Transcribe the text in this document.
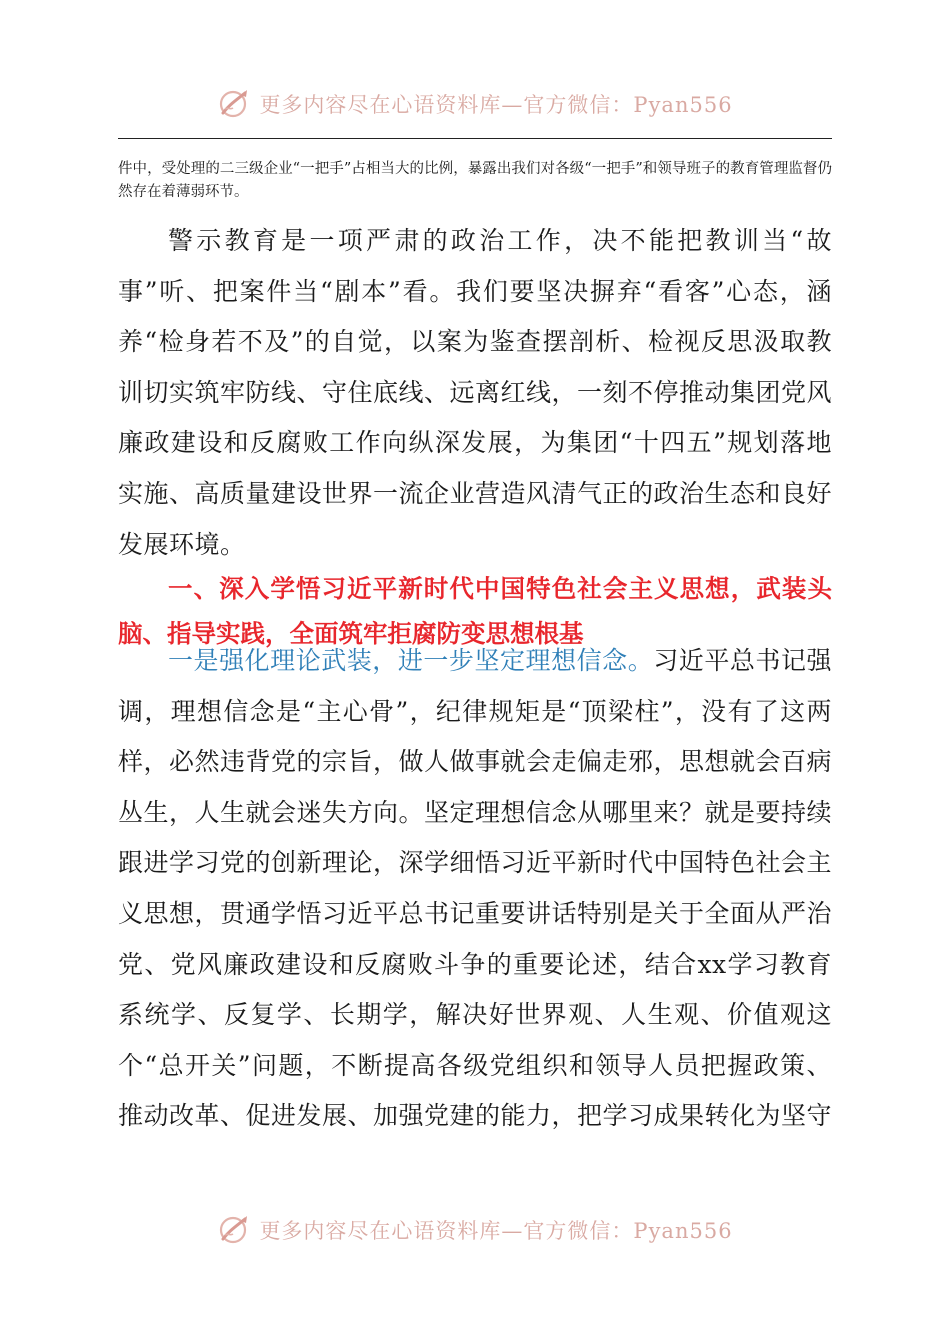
更多内容尽在心语资料库—官方微信：Pyan556
件中，受处理的二三级企业“一把手”占相当大的比例，暴露出我们对各级“一把手”和领导班子的教育管理监督仍然存在着薄弱环节。
警示教育是一项严肃的政治工作，决不能把教训当“故事”听、把案件当“剧本”看。我们要坚决摒弃“看客”心态，涵养“检身若不及”的自觉，以案为鉴查摆剖析、检视反思汲取教训切实筑牢防线、守住底线、远离红线，一刻不停推动集团党风廉政建设和反腐败工作向纵深发展，为集团“十四五”规划落地实施、高质量建设世界一流企业营造风清气正的政治生态和良好发展环境。
一、深入学悟习近平新时代中国特色社会主义思想，武装头脑、指导实践，全面筑牢拒腐防变思想根基
一是强化理论武装，进一步坚定理想信念。习近平总书记强调，理想信念是“主心骨”，纪律规矩是“顶梁柱”，没有了这两样，必然违背党的宗旨，做人做事就会走偏走邪，思想就会百病丛生，人生就会迷失方向。坚定理想信念从哪里来？就是要持续跟进学习党的创新理论，深学细悟习近平新时代中国特色社会主义思想，贯通学悟习近平总书记重要讲话特别是关于全面从严治党、党风廉政建设和反腐败斗争的重要论述，结合xx学习教育系统学、反复学、长期学，解决好世界观、人生观、价值观这个“总开关”问题，不断提高各级党组织和领导人员把握政策、推动改革、促进发展、加强党建的能力，把学习成果转化为坚守
更多内容尽在心语资料库—官方微信：Pyan556
